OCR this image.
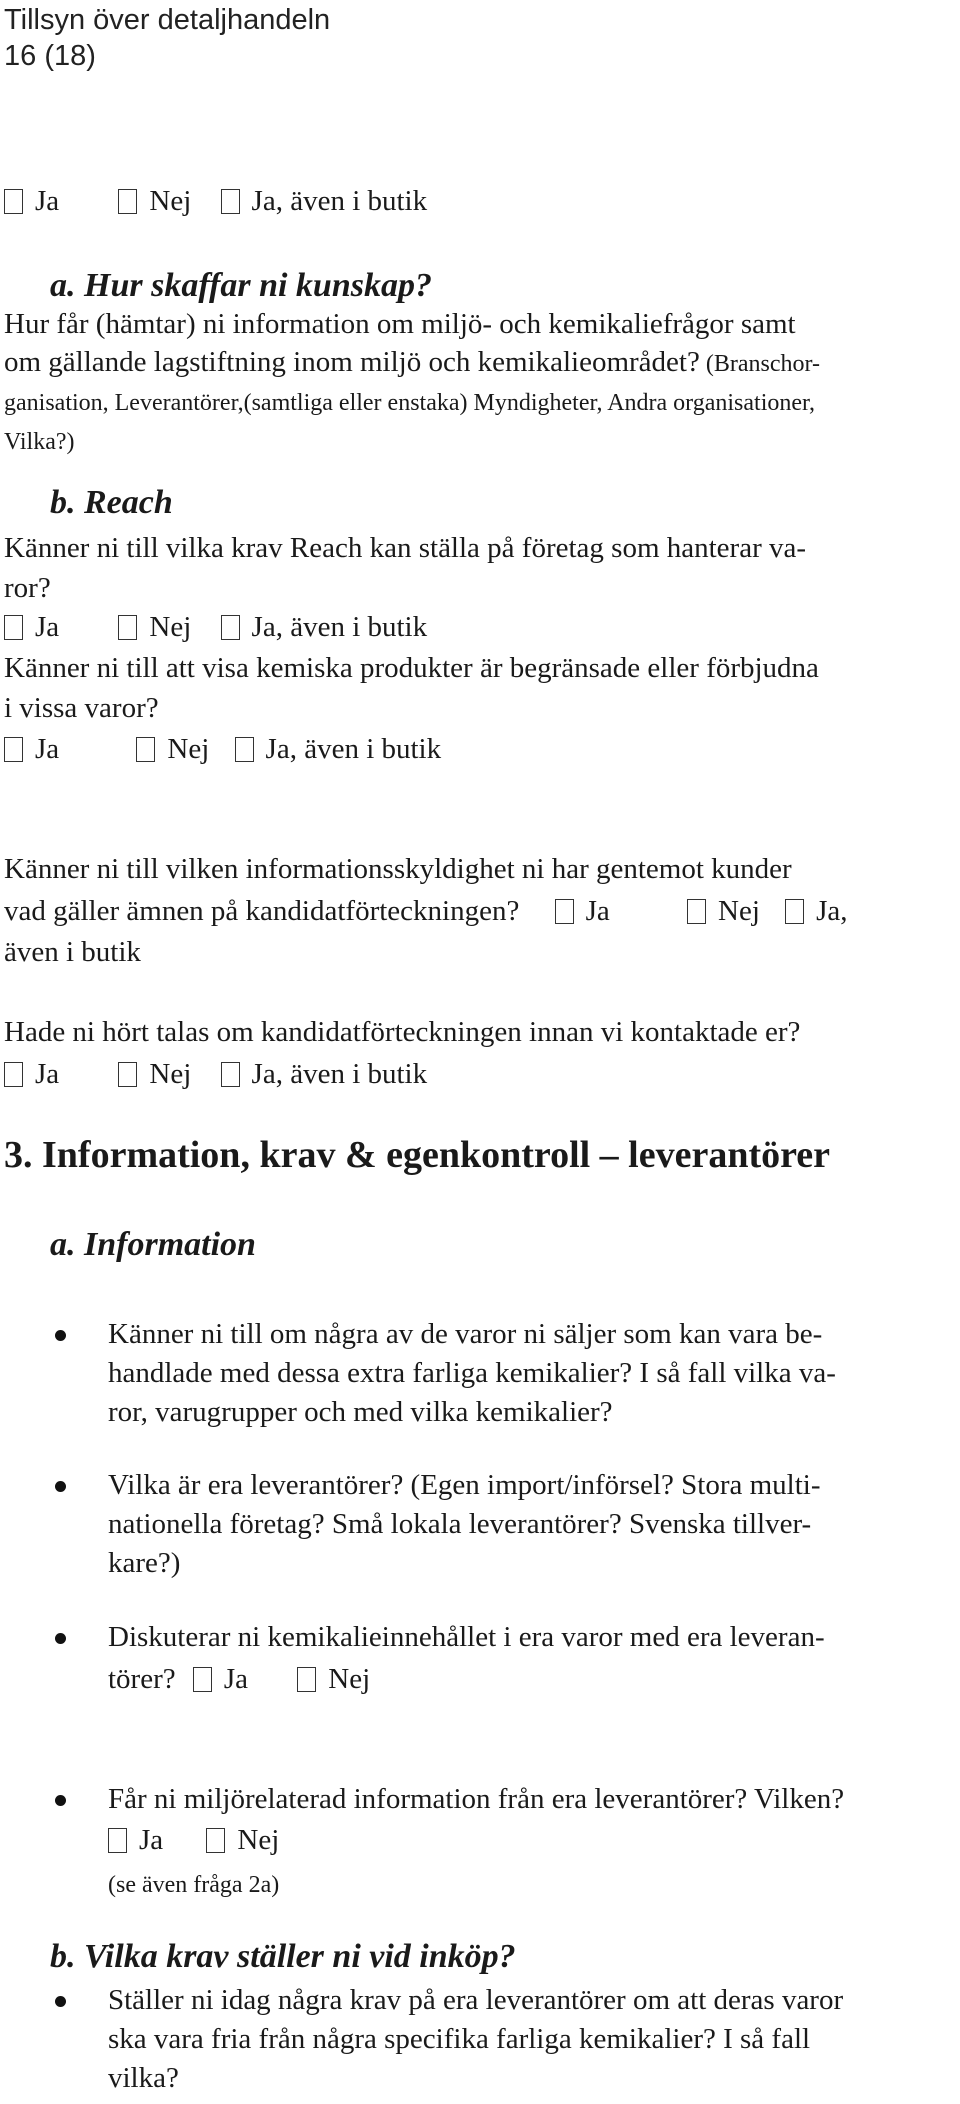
Tillsyn över detaljhandeln
16 (18)
Ja	Nej Ja, även i butik
a. Hur skaffar ni kunskap?
Hur får (hämtar) ni information om miljö- och kemikaliefrågor samt
om gällande lagstiftning inom miljö och kemikalieområdet? (Branschor-
ganisation, Leverantörer,(samtliga eller enstaka) Myndigheter, Andra organisationer,
Vilka?)
b. Reach
Känner ni till vilka krav Reach kan ställa på företag som hanterar va-
ror?
Ja	Nej Ja, även i butik
Känner ni till att visa kemiska produkter är begränsade eller förbjudna
i vissa varor?
Ja	Nej Ja, även i butik
Känner ni till vilken informationsskyldighet ni har gentemot kunder
vad gäller ämnen på kandidatförteckningen? Ja	Nej Ja,
även i butik
Hade ni hört talas om kandidatförteckningen innan vi kontaktade er?
Ja	Nej Ja, även i butik
3. Information, krav & egenkontroll – leverantörer
a. Information
Känner ni till om några av de varor ni säljer som kan vara be-
handlade med dessa extra farliga kemikalier? I så fall vilka va-
ror, varugrupper och med vilka kemikalier?
Vilka är era leverantörer? (Egen import/införsel? Stora multi-
nationella företag? Små lokala leverantörer? Svenska tillver-
kare?)
Diskuterar ni kemikalieinnehållet i era varor med era leveran-
törer? Ja	Nej
Får ni miljörelaterad information från era leverantörer? Vilken?
Ja	Nej
(se även fråga 2a)
b. Vilka krav ställer ni vid inköp?
Ställer ni idag några krav på era leverantörer om att deras varor
ska vara fria från några specifika farliga kemikalier? I så fall
vilka?
